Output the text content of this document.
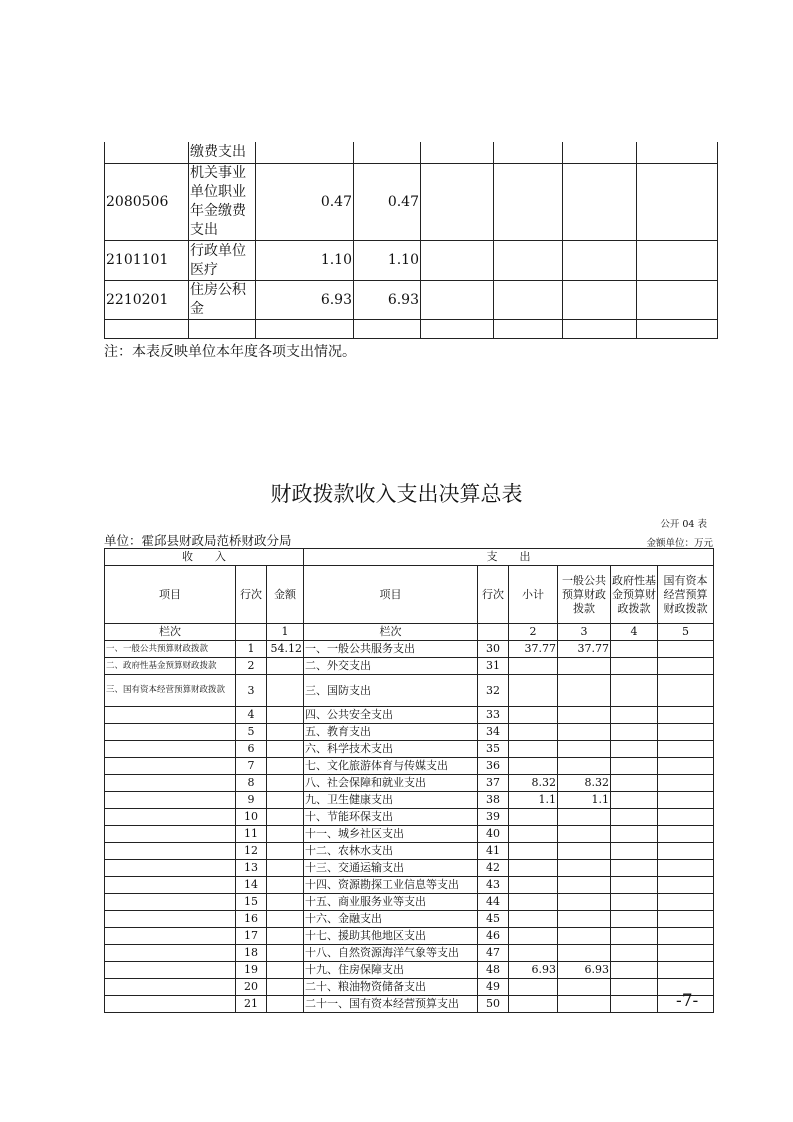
	缴费支出						
2080506	机关事业单位职业年金缴费支出	0.47	0.47				
2101101	行政单位医疗	1.10	1.10				
2210201	住房公积金	6.93	6.93				

注：本表反映单位本年度各项支出情况。
财政拨款收入支出决算总表
公开 04 表
单位：霍邱县财政局范桥财政分局	金额单位：万元
收　　入			支　　出					
项目	行次	金额	项目	行次	小计	一般公共预算财政拨款	政府性基金预算财政拨款	国有资本经营预算财政拨款
栏次		1	栏次		2	3	4	5
一、一般公共预算财政拨款	1	54.12	一、一般公共服务支出	30	37.77	37.77		
二、政府性基金预算财政拨款	2		二、外交支出	31				
三、国有资本经营预算财政拨款	3		三、国防支出	32				
	4		四、公共安全支出	33				
	5		五、教育支出	34				
	6		六、科学技术支出	35				
	7		七、文化旅游体育与传媒支出	36				
	8		八、社会保障和就业支出	37	8.32	8.32		
	9		九、卫生健康支出	38	1.1	1.1		
	10		十、节能环保支出	39				
	11		十一、城乡社区支出	40				
	12		十二、农林水支出	41				
	13		十三、交通运输支出	42				
	14		十四、资源勘探工业信息等支出	43				
	15		十五、商业服务业等支出	44				
	16		十六、金融支出	45				
	17		十七、援助其他地区支出	46				
	18		十八、自然资源海洋气象等支出	47				
	19		十九、住房保障支出	48	6.93	6.93		
	20		二十、粮油物资储备支出	49				
	21		二十一、国有资本经营预算支出	50					-7-
